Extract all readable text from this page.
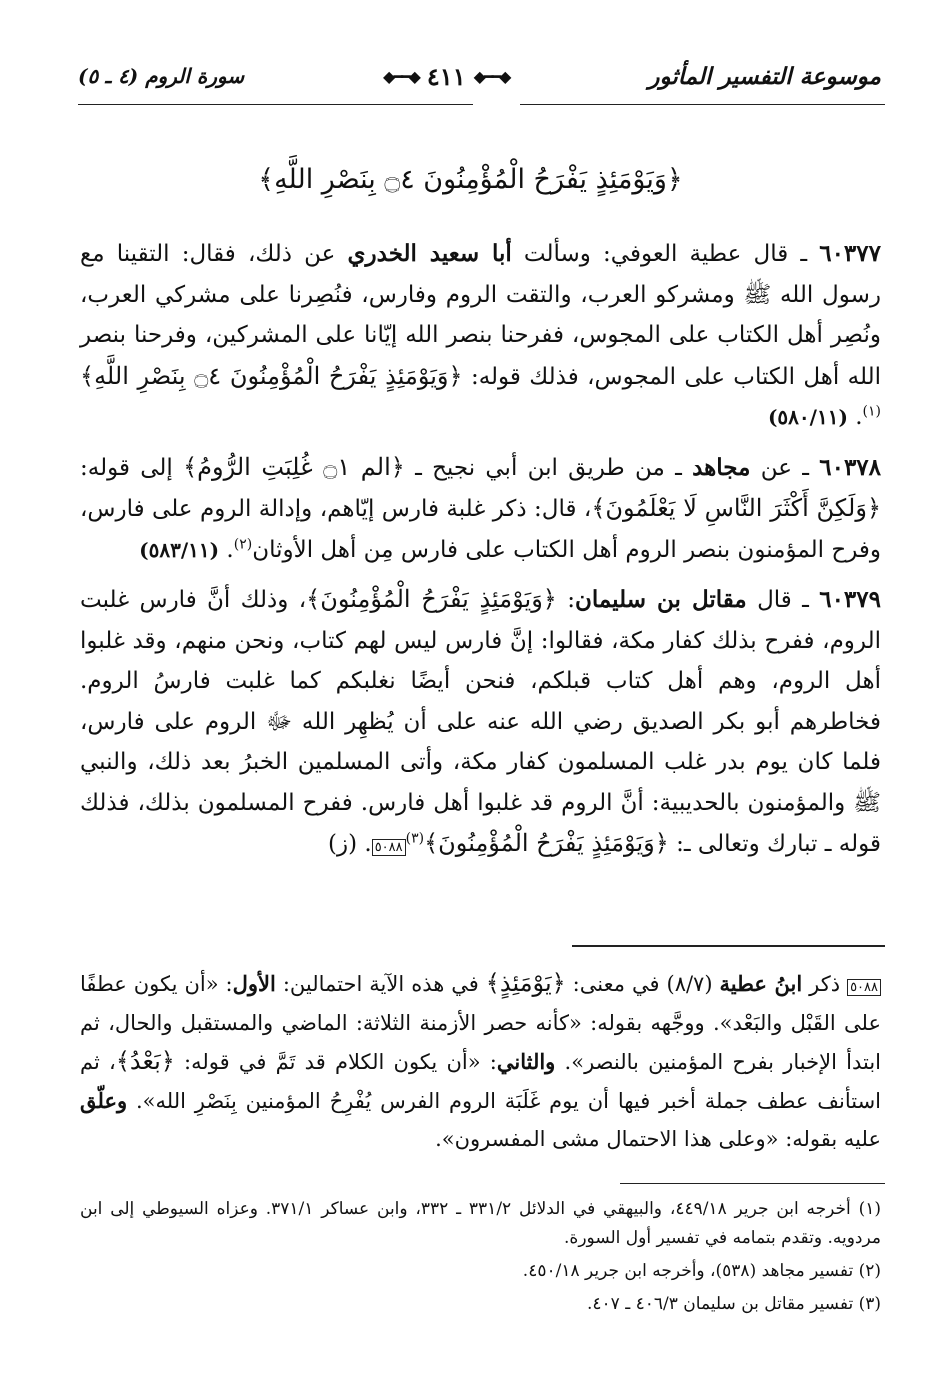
موسوعة التفسير المأثور
◆━━◆ ٤١١ ◆━━◆
سورة الروم (٤ ـ ٥)
﴿وَيَوْمَئِذٍ يَفْرَحُ الْمُؤْمِنُونَ ۝٤ بِنَصْرِ اللَّهِ﴾

٦٠٣٧٧ ـ قال عطية العوفي: وسألت أبا سعيد الخدري عن ذلك، فقال: التقينا مع رسول الله ﷺ ومشركو العرب، والتقت الروم وفارس، فنُصِرنا على مشركي العرب، ونُصِر أهل الكتاب على المجوس، ففرحنا بنصر الله إيّانا على المشركين، وفرحنا بنصر الله أهل الكتاب على المجوس، فذلك قوله: ﴿وَيَوْمَئِذٍ يَفْرَحُ الْمُؤْمِنُونَ ۝٤ بِنَصْرِ اللَّهِ﴾$^{(١)}$. (٥٨٠/١١)

٦٠٣٧٨ ـ عن مجاهد ـ من طريق ابن أبي نجيح ـ ﴿الم ۝١ غُلِبَتِ الرُّومُ﴾ إلى قوله: ﴿وَلَكِنَّ أَكْثَرَ النَّاسِ لَا يَعْلَمُونَ﴾، قال: ذكر غلبة فارس إيّاهم، وإدالة الروم على فارس، وفرح المؤمنون بنصر الروم أهل الكتاب على فارس مِن أهل الأوثان$^{(٢)}$. (٥٨٣/١١)

٦٠٣٧٩ ـ قال مقاتل بن سليمان: ﴿وَيَوْمَئِذٍ يَفْرَحُ الْمُؤْمِنُونَ﴾، وذلك أنَّ فارس غلبت الروم، ففرح بذلك كفار مكة، فقالوا: إنَّ فارس ليس لهم كتاب، ونحن منهم، وقد غلبوا أهل الروم، وهم أهل كتاب قبلكم، فنحن أيضًا نغلبكم كما غلبت فارسُ الروم. فخاطرهم أبو بكر الصديق رضي الله عنه على أن يُظهِر الله ﷻ الروم على فارس، فلما كان يوم بدر غلب المسلمون كفار مكة، وأتى المسلمين الخبرُ بعد ذلك، والنبي ﷺ والمؤمنون بالحديبية: أنَّ الروم قد غلبوا أهل فارس. ففرح المسلمون بذلك، فذلك قوله ـ تبارك وتعالى ـ: ﴿وَيَوْمَئِذٍ يَفْرَحُ الْمُؤْمِنُونَ﴾$^{(٣)}$٥٠٨٨. (ز)

٥٠٨٨ ذكر ابنُ عطية (٨/٧) في معنى: ﴿يَوْمَئِذٍ﴾ في هذه الآية احتمالين: الأول: «أن يكون عطفًا على القَبْل والبَعْد». ووجَّهه بقوله: «كأنه حصر الأزمنة الثلاثة: الماضي والمستقبل والحال، ثم ابتدأ الإخبار بفرح المؤمنين بالنصر». والثاني: «أن يكون الكلام قد تَمَّ في قوله: ﴿بَعْدُ﴾، ثم استأنف عطف جملة أخبر فيها أن يوم غَلَبَة الروم الفرس يُفْرِحُ المؤمنين بِنَصْرِ الله». وعلّق عليه بقوله: «وعلى هذا الاحتمال مشى المفسرون».

(١) أخرجه ابن جرير ٤٤٩/١٨، والبيهقي في الدلائل ٣٣١/٢ ـ ٣٣٢، وابن عساكر ٣٧١/١. وعزاه السيوطي إلى ابن مردويه. وتقدم بتمامه في تفسير أول السورة.

(٢) تفسير مجاهد (٥٣٨)، وأخرجه ابن جرير ٤٥٠/١٨.

(٣) تفسير مقاتل بن سليمان ٤٠٦/٣ ـ ٤٠٧.
